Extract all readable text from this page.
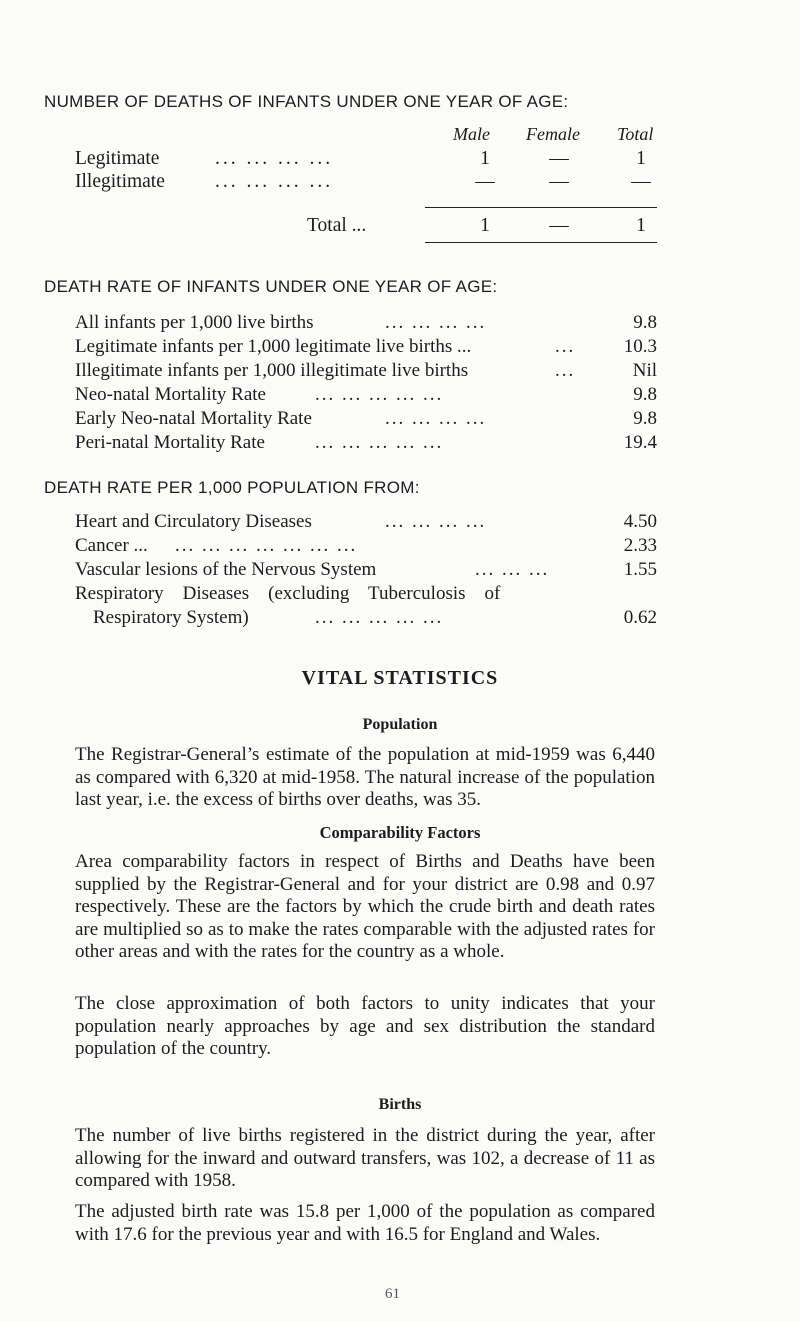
NUMBER OF DEATHS OF INFANTS UNDER ONE YEAR OF AGE:
Male Female Total
Legitimate	... ... ... ...	1	—	1
Illegitimate	... ... ... ...	—	—	—
Total ...	1	—	1
DEATH RATE OF INFANTS UNDER ONE YEAR OF AGE:
All infants per 1,000 live births	... ... ... ...	9.8
Legitimate infants per 1,000 legitimate live births ...	...	10.3
Illegitimate infants per 1,000 illegitimate live births	...	Nil
Neo-natal Mortality Rate	... ... ... ... ...	9.8
Early Neo-natal Mortality Rate	... ... ... ...	9.8
Peri-natal Mortality Rate	... ... ... ... ...	19.4
DEATH RATE PER 1,000 POPULATION FROM:
Heart and Circulatory Diseases	... ... ... ...	4.50
Cancer ... ... ... ... ... ... ... ...	2.33
Vascular lesions of the Nervous System	... ... ...	1.55
Respiratory    Diseases    (excluding    Tuberculosis    of
Respiratory System)	... ... ... ... ...	0.62
VITAL STATISTICS
Population
The Registrar-General’s estimate of the population at mid-1959 was 6,440 as compared with 6,320 at mid-1958. The natural increase of the population last year, i.e. the excess of births over deaths, was 35.
Comparability Factors
Area comparability factors in respect of Births and Deaths have been supplied by the Registrar-General and for your district are 0.98 and 0.97 respectively. These are the factors by which the crude birth and death rates are multiplied so as to make the rates comparable with the adjusted rates for other areas and with the rates for the country as a whole.
The close approximation of both factors to unity indicates that your population nearly approaches by age and sex distribution the standard population of the country.
Births
The number of live births registered in the district during the year, after allowing for the inward and outward transfers, was 102, a decrease of 11 as compared with 1958.
The adjusted birth rate was 15.8 per 1,000 of the population as compared with 17.6 for the previous year and with 16.5 for England and Wales.
61
